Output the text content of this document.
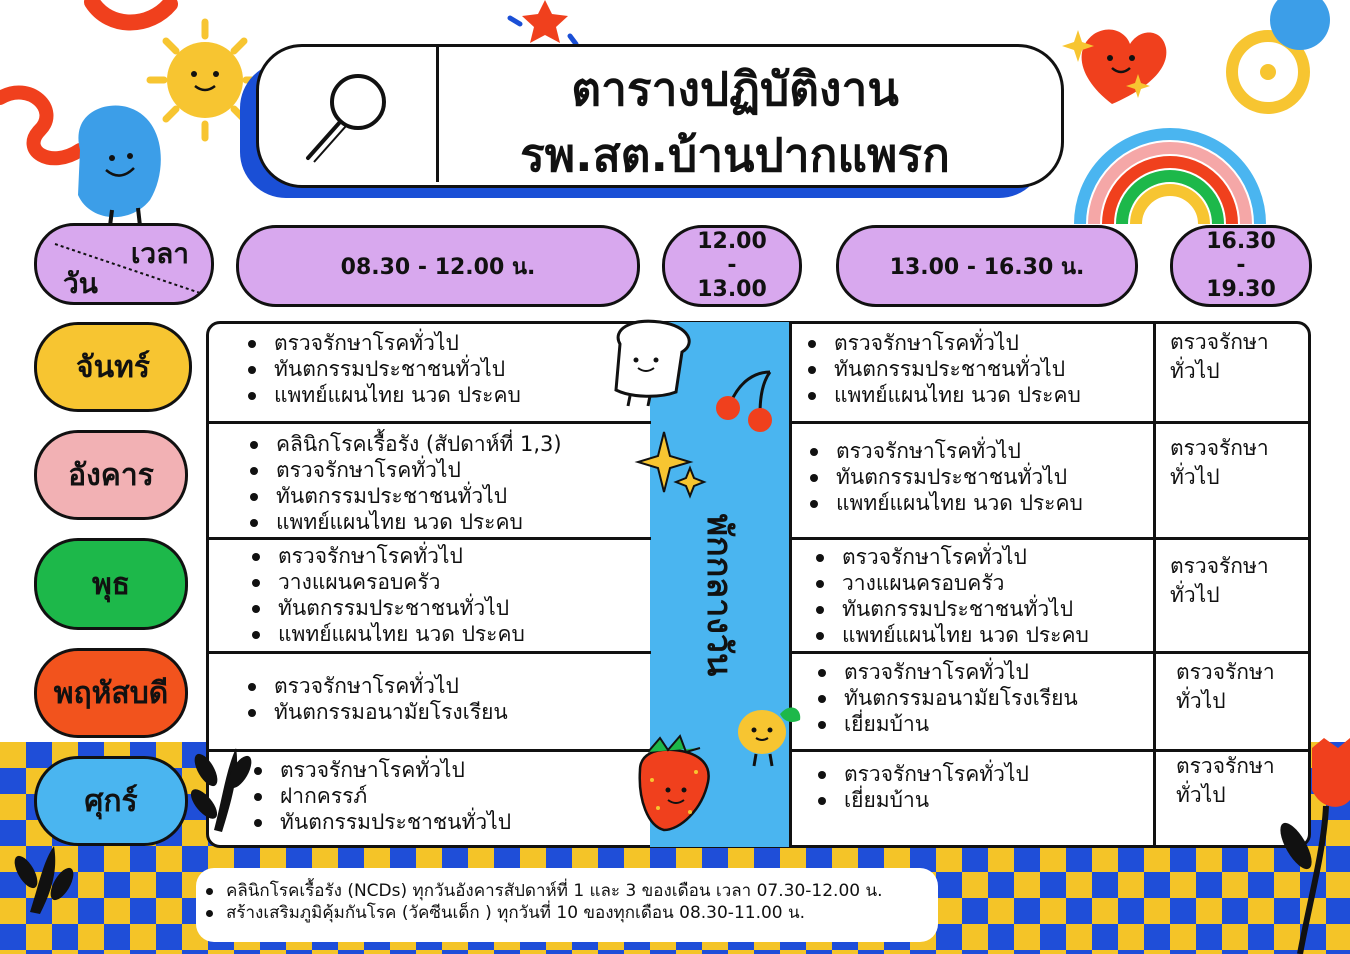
ตารางปฏิบัติงาน
รพ.สต.บ้านปากแพรก
เวลา
วัน	08.30 - 12.00 น.
12.00
-
13.00
13.00 - 16.30 น.
16.30
-
19.30
จันทร์
อังคาร
พุธ
พฤหัสบดี
ศุกร์
พักกลางวัน
ตรวจรักษาโรคทั่วไป
ทันตกรรมประชาชนทั่วไป
แพทย์แผนไทย นวด ประคบ
ตรวจรักษาโรคทั่วไป
ทันตกรรมประชาชนทั่วไป
แพทย์แผนไทย นวด ประคบ
ตรวจรักษา
ทั่วไป
คลินิกโรคเรื้อรัง (สัปดาห์ที่ 1,3)
ตรวจรักษาโรคทั่วไป
ทันตกรรมประชาชนทั่วไป
แพทย์แผนไทย นวด ประคบ
ตรวจรักษาโรคทั่วไป
ทันตกรรมประชาชนทั่วไป
แพทย์แผนไทย นวด ประคบ
ตรวจรักษา
ทั่วไป
ตรวจรักษาโรคทั่วไป
วางแผนครอบครัว
ทันตกรรมประชาชนทั่วไป
แพทย์แผนไทย นวด ประคบ
ตรวจรักษาโรคทั่วไป
วางแผนครอบครัว
ทันตกรรมประชาชนทั่วไป
แพทย์แผนไทย นวด ประคบ
ตรวจรักษา
ทั่วไป
ตรวจรักษาโรคทั่วไป
ทันตกรรมอนามัยโรงเรียน
ตรวจรักษาโรคทั่วไป
ทันตกรรมอนามัยโรงเรียน
เยี่ยมบ้าน
ตรวจรักษา
ทั่วไป
ตรวจรักษาโรคทั่วไป
ฝากครรภ์
ทันตกรรมประชาชนทั่วไป
ตรวจรักษาโรคทั่วไป
เยี่ยมบ้าน
ตรวจรักษา
ทั่วไป
คลินิกโรคเรื้อรัง (NCDs) ทุกวันอังคารสัปดาห์ที่ 1 และ 3 ของเดือน เวลา 07.30-12.00 น.
สร้างเสริมภูมิคุ้มกันโรค (วัคซีนเด็ก ) ทุกวันที่ 10 ของทุกเดือน 08.30-11.00 น.
